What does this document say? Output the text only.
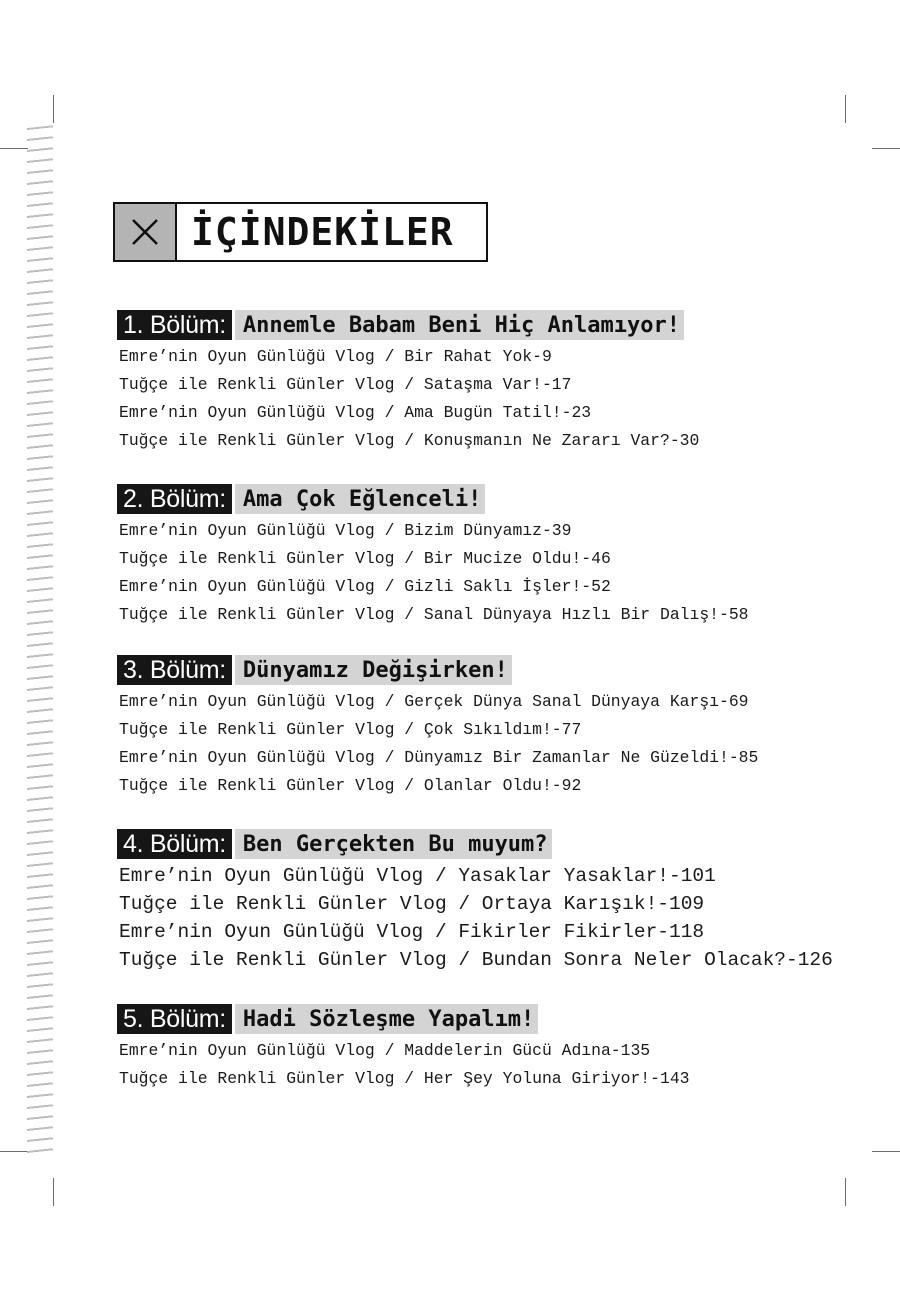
İÇİNDEKİLER
1. Bölüm: Annemle Babam Beni Hiç Anlamıyor!
Emre’nin Oyun Günlüğü Vlog / Bir Rahat Yok-9
Tuğçe ile Renkli Günler Vlog / Sataşma Var!-17
Emre’nin Oyun Günlüğü Vlog / Ama Bugün Tatil!-23
Tuğçe ile Renkli Günler Vlog / Konuşmanın Ne Zararı Var?-30
2. Bölüm: Ama Çok Eğlenceli!
Emre’nin Oyun Günlüğü Vlog / Bizim Dünyamız-39
Tuğçe ile Renkli Günler Vlog / Bir Mucize Oldu!-46
Emre’nin Oyun Günlüğü Vlog / Gizli Saklı İşler!-52
Tuğçe ile Renkli Günler Vlog / Sanal Dünyaya Hızlı Bir Dalış!-58
3. Bölüm: Dünyamız Değişirken!
Emre’nin Oyun Günlüğü Vlog / Gerçek Dünya Sanal Dünyaya Karşı-69
Tuğçe ile Renkli Günler Vlog / Çok Sıkıldım!-77
Emre’nin Oyun Günlüğü Vlog / Dünyamız Bir Zamanlar Ne Güzeldi!-85
Tuğçe ile Renkli Günler Vlog / Olanlar Oldu!-92
4. Bölüm: Ben Gerçekten Bu muyum?
Emre’nin Oyun Günlüğü Vlog / Yasaklar Yasaklar!-101
Tuğçe ile Renkli Günler Vlog / Ortaya Karışık!-109
Emre’nin Oyun Günlüğü Vlog / Fikirler Fikirler-118
Tuğçe ile Renkli Günler Vlog / Bundan Sonra Neler Olacak?-126
5. Bölüm: Hadi Sözleşme Yapalım!
Emre’nin Oyun Günlüğü Vlog / Maddelerin Gücü Adına-135
Tuğçe ile Renkli Günler Vlog / Her Şey Yoluna Giriyor!-143
